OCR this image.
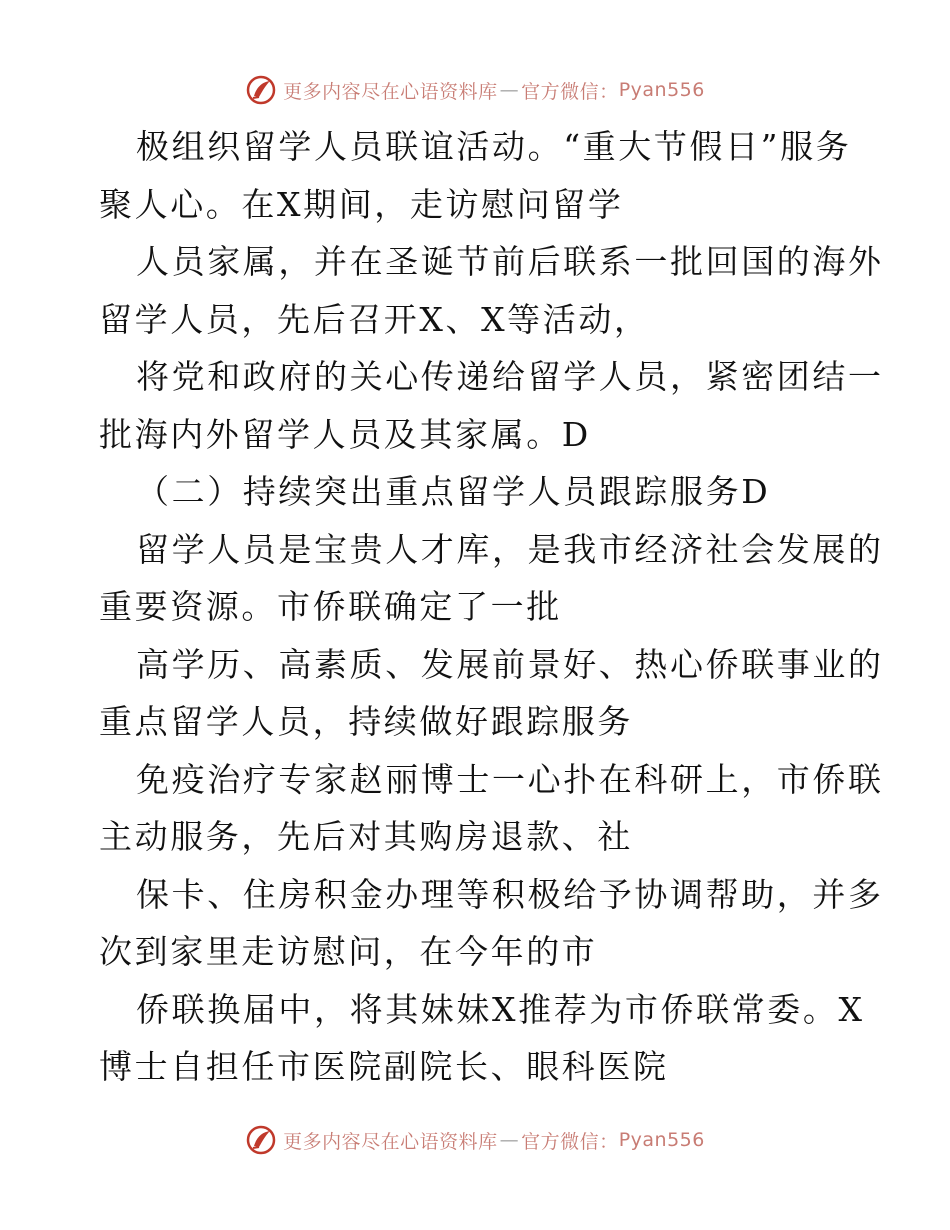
更多内容尽在心语资料库 — 官方微信： Pyan556
极组织留学人员联谊活动。“重大节假日”服务
聚人心。在X期间，走访慰问留学
人员家属，并在圣诞节前后联系一批回国的海外
留学人员，先后召开X、X等活动，
将党和政府的关心传递给留学人员，紧密团结一
批海内外留学人员及其家属。D
（二）持续突出重点留学人员跟踪服务D
留学人员是宝贵人才库，是我市经济社会发展的
重要资源。市侨联确定了一批
高学历、高素质、发展前景好、热心侨联事业的
重点留学人员，持续做好跟踪服务
免疫治疗专家赵丽博士一心扑在科研上，市侨联
主动服务，先后对其购房退款、社
保卡、住房积金办理等积极给予协调帮助，并多
次到家里走访慰问，在今年的市
侨联换届中，将其妹妹X推荐为市侨联常委。X
博士自担任市医院副院长、眼科医院
更多内容尽在心语资料库 — 官方微信： Pyan556
